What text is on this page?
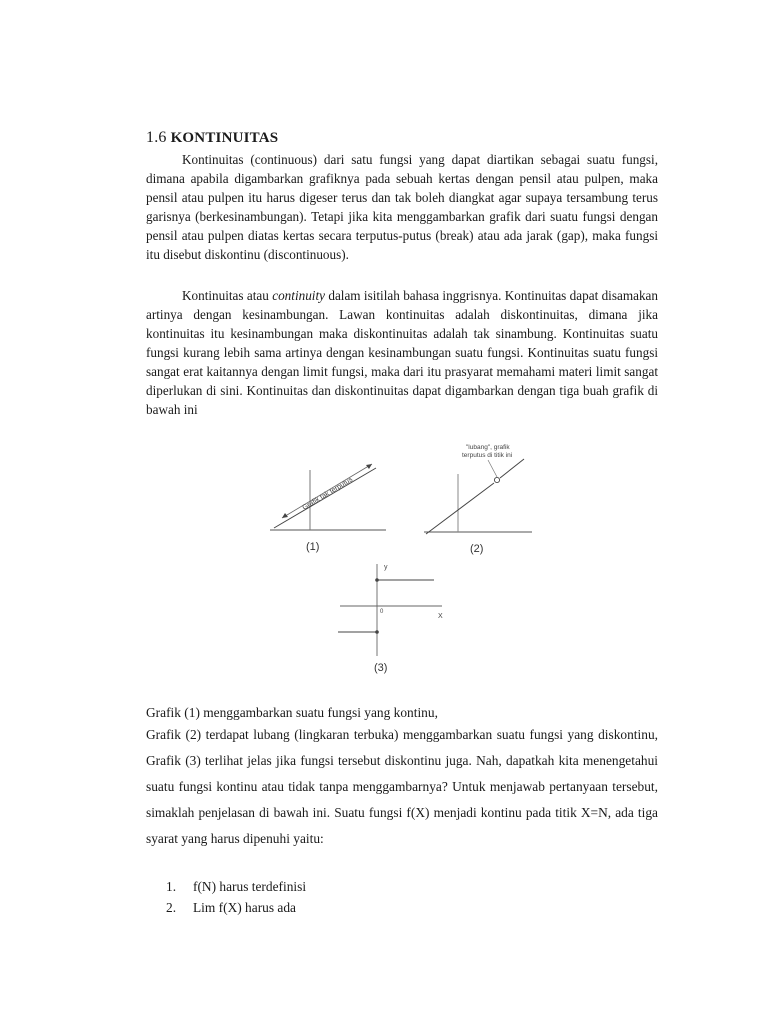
1.6 KONTINUITAS

Kontinuitas (continuous) dari satu fungsi yang dapat diartikan sebagai suatu fungsi, dimana apabila digambarkan grafiknya pada sebuah kertas dengan pensil atau pulpen, maka pensil atau pulpen itu harus digeser terus dan tak boleh diangkat agar supaya tersambung terus garisnya (berkesinambungan). Tetapi jika kita menggambarkan grafik dari suatu fungsi dengan pensil atau pulpen diatas kertas secara terputus-putus (break) atau ada jarak (gap), maka fungsi itu disebut diskontinu (discontinuous).

Kontinuitas atau continuity dalam isitilah bahasa inggrisnya. Kontinuitas dapat disamakan artinya dengan kesinambungan. Lawan kontinuitas adalah diskontinuitas, dimana jika kontinuitas itu kesinambungan maka diskontinuitas adalah tak sinambung. Kontinuitas suatu fungsi kurang lebih sama artinya dengan kesinambungan suatu fungsi. Kontinuitas suatu fungsi sangat erat kaitannya dengan limit fungsi, maka dari itu prasyarat memahami materi limit sangat diperlukan di sini. Kontinuitas dan diskontinuitas dapat digambarkan dengan tiga buah grafik di bawah ini

Grafik tak terputus
(1)
"lubang", grafik
terputus di titik ini
(2)
y
X
0
(3)

Grafik (1) menggambarkan suatu fungsi yang kontinu,

Grafik (2) terdapat lubang (lingkaran terbuka) menggambarkan suatu fungsi yang diskontinu, Grafik (3) terlihat jelas jika fungsi tersebut diskontinu juga. Nah, dapatkah kita menengetahui suatu fungsi kontinu atau tidak tanpa menggambarnya? Untuk menjawab pertanyaan tersebut, simaklah penjelasan di bawah ini. Suatu fungsi f(X) menjadi kontinu pada titik X=N, ada tiga syarat yang harus dipenuhi yaitu:

1.	f(N) harus terdefinisi
2.	Lim f(X) harus ada
